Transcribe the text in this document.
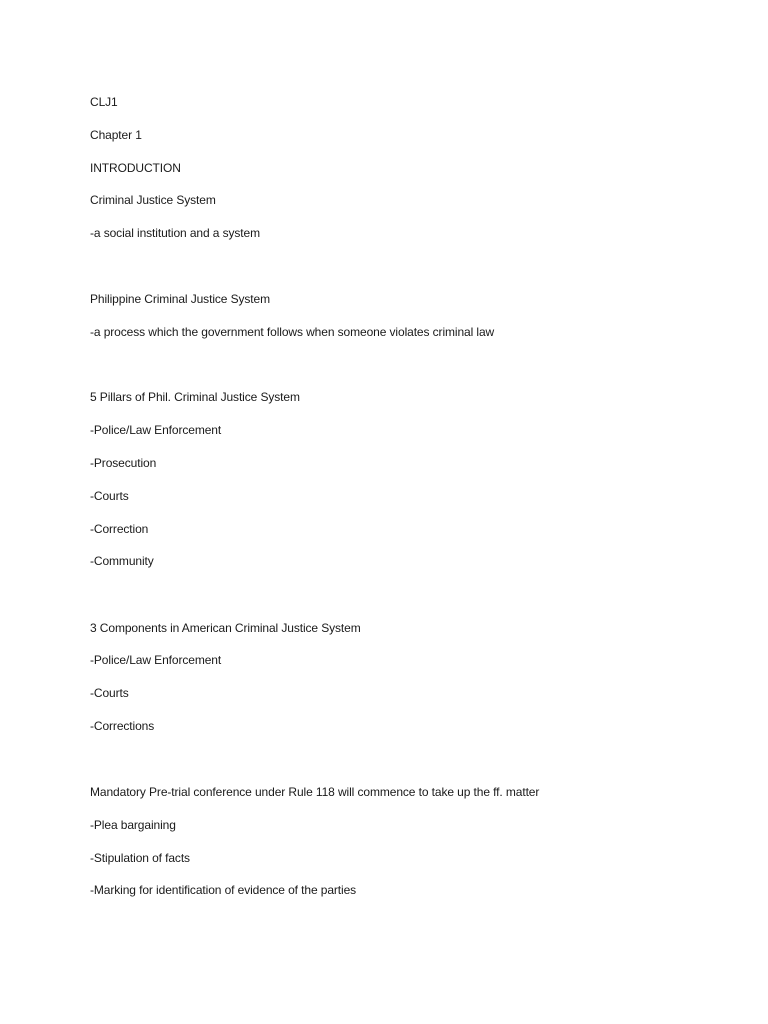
CLJ1

Chapter 1

INTRODUCTION

Criminal Justice System

-a social institution and a system

Philippine Criminal Justice System

-a process which the government follows when someone violates criminal law

5 Pillars of Phil. Criminal Justice System

-Police/Law Enforcement

-Prosecution

-Courts

-Correction

-Community

3 Components in American Criminal Justice System

-Police/Law Enforcement

-Courts

-Corrections

Mandatory Pre-trial conference under Rule 118 will commence to take up the ff. matter

-Plea bargaining

-Stipulation of facts

-Marking for identification of evidence of the parties
